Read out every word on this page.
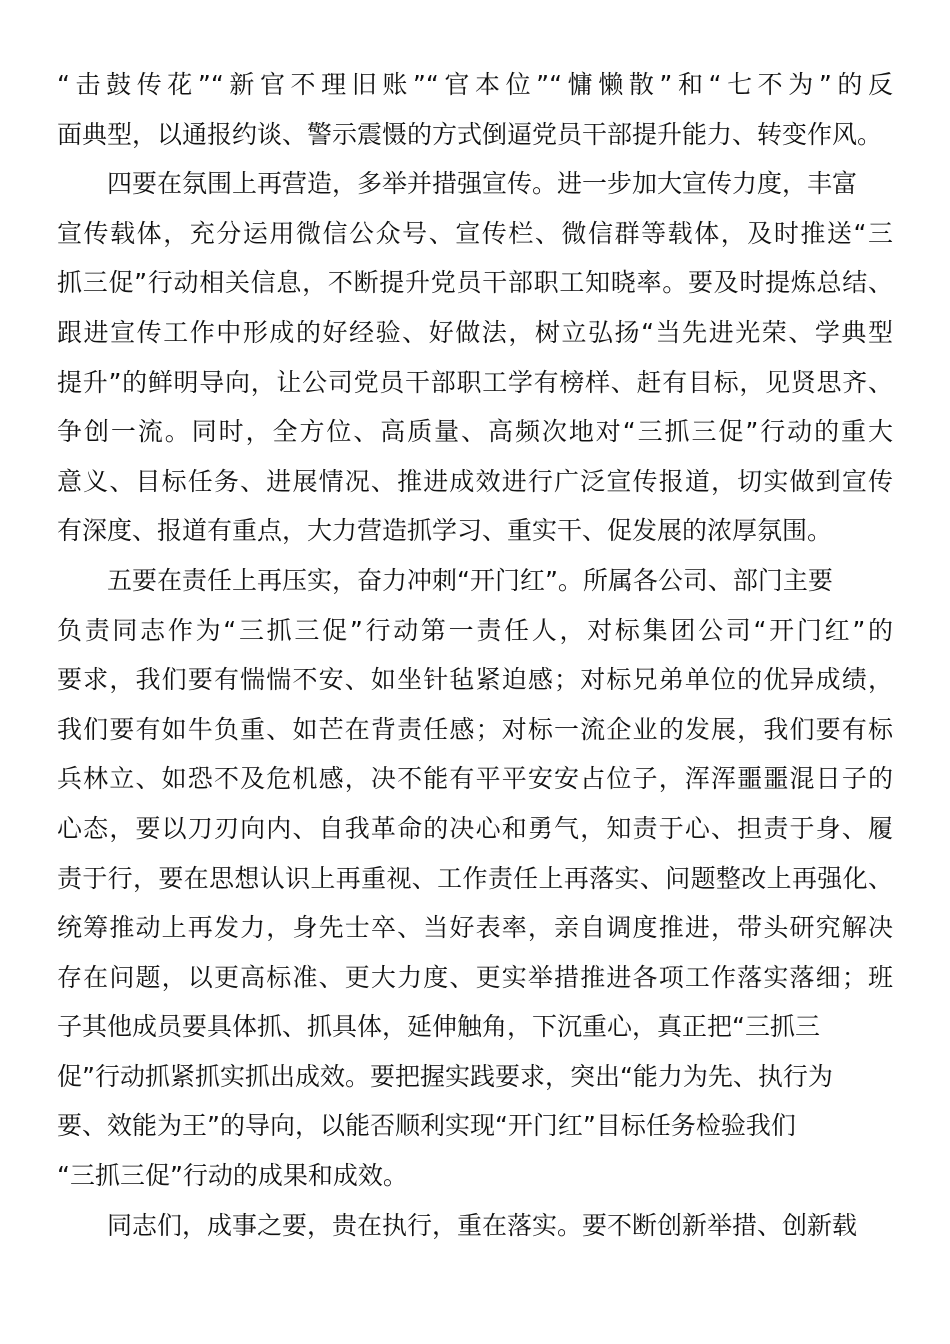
“击鼓传花”“新官不理旧账”“官本位”“慵懒散”和“七不为”的反
面典型，以通报约谈、警示震慑的方式倒逼党员干部提升能力、转变作风。
四要在氛围上再营造，多举并措强宣传。进一步加大宣传力度，丰富
宣传载体，充分运用微信公众号、宣传栏、微信群等载体，及时推送“三
抓三促”行动相关信息，不断提升党员干部职工知晓率。要及时提炼总结、
跟进宣传工作中形成的好经验、好做法，树立弘扬“当先进光荣、学典型
提升”的鲜明导向，让公司党员干部职工学有榜样、赶有目标，见贤思齐、
争创一流。同时，全方位、高质量、高频次地对“三抓三促”行动的重大
意义、目标任务、进展情况、推进成效进行广泛宣传报道，切实做到宣传
有深度、报道有重点，大力营造抓学习、重实干、促发展的浓厚氛围。
五要在责任上再压实，奋力冲刺“开门红”。所属各公司、部门主要
负责同志作为“三抓三促”行动第一责任人，对标集团公司“开门红”的
要求，我们要有惴惴不安、如坐针毡紧迫感；对标兄弟单位的优异成绩，
我们要有如牛负重、如芒在背责任感；对标一流企业的发展，我们要有标
兵林立、如恐不及危机感，决不能有平平安安占位子，浑浑噩噩混日子的
心态，要以刀刃向内、自我革命的决心和勇气，知责于心、担责于身、履
责于行，要在思想认识上再重视、工作责任上再落实、问题整改上再强化、
统筹推动上再发力，身先士卒、当好表率，亲自调度推进，带头研究解决
存在问题，以更高标准、更大力度、更实举措推进各项工作落实落细；班
子其他成员要具体抓、抓具体，延伸触角，下沉重心，真正把“三抓三
促”行动抓紧抓实抓出成效。要把握实践要求，突出“能力为先、执行为
要、效能为王”的导向，以能否顺利实现“开门红”目标任务检验我们
“三抓三促”行动的成果和成效。
同志们，成事之要，贵在执行，重在落实。要不断创新举措、创新载
